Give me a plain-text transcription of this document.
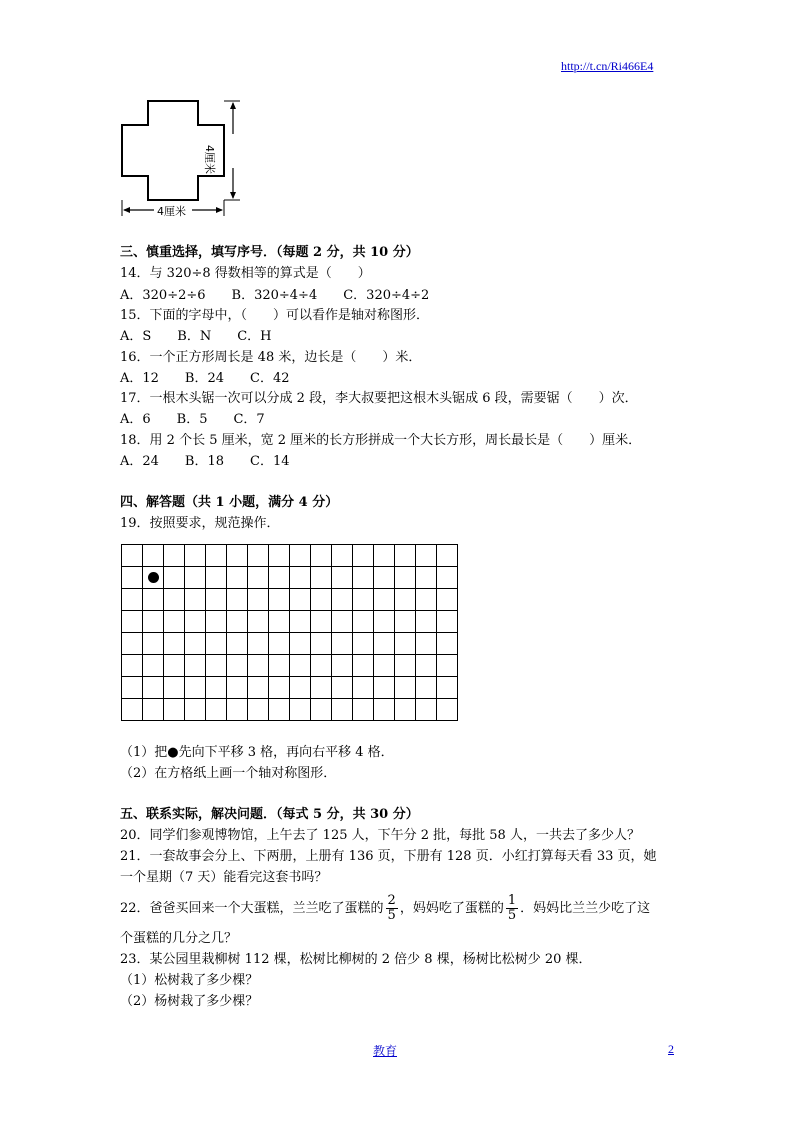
http://t.cn/Ri466E4
4厘米
4厘米
三、慎重选择，填写序号．（每题 2 分，共 10 分）
14．与 320÷8 得数相等的算式是（　　）
A．320÷2÷6　　B．320÷4÷4　　C．320÷4÷2
15．下面的字母中，（　　）可以看作是轴对称图形．
A．S　　B．N　　C．H
16．一个正方形周长是 48 米，边长是（　　）米．
A．12　　B．24　　C．42
17．一根木头锯一次可以分成 2 段，李大叔要把这根木头锯成 6 段，需要锯（　　）次．
A．6　　B．5　　C．7
18．用 2 个长 5 厘米，宽 2 厘米的长方形拼成一个大长方形，周长最长是（　　）厘米．
A．24　　B．18　　C．14
四、解答题（共 1 小题，满分 4 分）
19．按照要求，规范操作．

（1）把●先向下平移 3 格，再向右平移 4 格．
（2）在方格纸上画一个轴对称图形．
五、联系实际，解决问题．（每式 5 分，共 30 分）
20．同学们参观博物馆，上午去了 125 人，下午分 2 批，每批 58 人，一共去了多少人？
21．一套故事会分上、下两册，上册有 136 页，下册有 128 页．小红打算每天看 33 页，她
一个星期（7 天）能看完这套书吗？
22．爸爸买回来一个大蛋糕，兰兰吃了蛋糕的 $\frac{2}{5}$ ，妈妈吃了蛋糕的 $\frac{1}{5}$ ．妈妈比兰兰少吃了这
个蛋糕的几分之几？
23．某公园里栽柳树 112 棵，松树比柳树的 2 倍少 8 棵，杨树比松树少 20 棵．
（1）松树栽了多少棵？
（2）杨树栽了多少棵？
教育	2
